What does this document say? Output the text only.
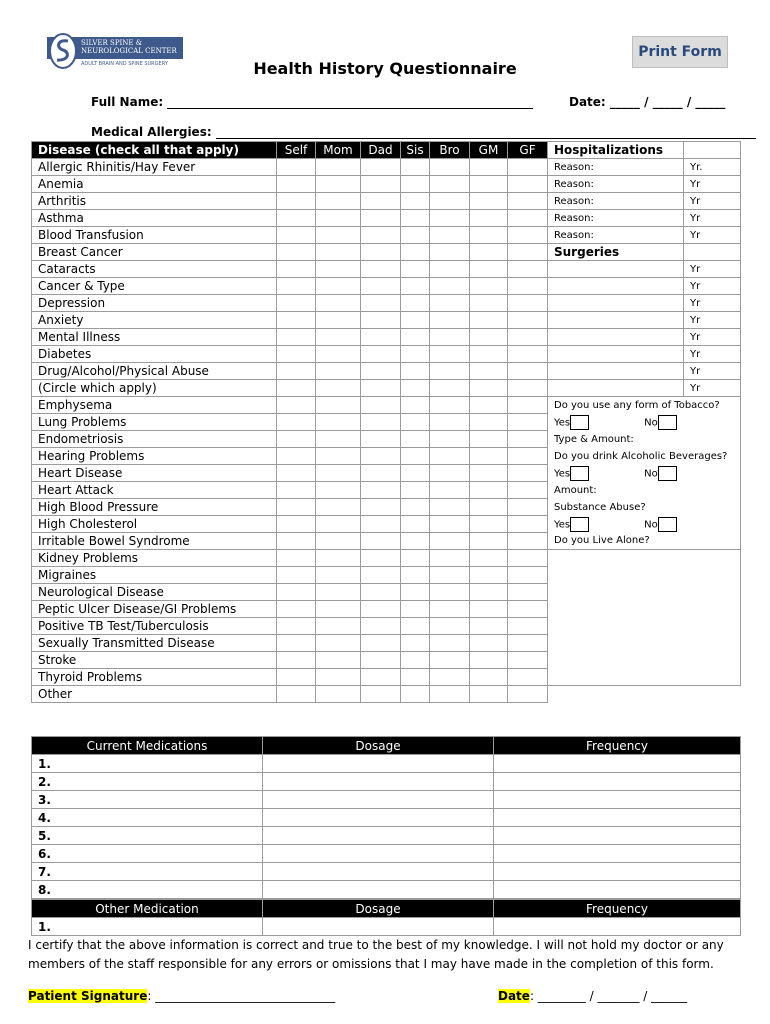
SILVER SPINE &
NEUROLOGICAL CENTER
ADULT BRAIN AND SPINE SURGERY
Print Form
Health History Questionnaire
Full Name:	Date: _____ / _____ / _____
Medical Allergies:
Disease (check all that apply)	Self	Mom	Dad	Sis	Bro	GM	GF
Allergic Rhinitis/Hay Fever							
Anemia							
Arthritis							
Asthma							
Blood Transfusion							
Breast Cancer							
Cataracts							
Cancer & Type							
Depression							
Anxiety							
Mental Illness							
Diabetes							
Drug/Alcohol/Physical Abuse							
(Circle which apply)							
Emphysema							
Lung Problems							
Endometriosis							
Hearing Problems							
Heart Disease							
Heart Attack							
High Blood Pressure							
High Cholesterol							
Irritable Bowel Syndrome							
Kidney Problems							
Migraines							
Neurological Disease							
Peptic Ulcer Disease/GI Problems							
Positive TB Test/Tuberculosis							
Sexually Transmitted Disease							
Stroke							
Thyroid Problems							
Other							
Hospitalizations	
Reason:	Yr.
Reason:	Yr
Reason:	Yr
Reason:	Yr
Reason:	Yr
Surgeries	
	Yr
	Yr
	Yr
	Yr
	Yr
	Yr
	Yr
	Yr
Do you use any form of Tobacco?	
Yes No	
Type & Amount:	
Do you drink Alcoholic Beverages?	
Yes No	
Amount:	
Substance Abuse?	
Yes No	
Do you Live Alone?	

Current Medications	Dosage	Frequency
1.		
2.		
3.		
4.		
5.		
6.		
7.		
8.		
Other Medication	Dosage	Frequency
1.		
I certify that the above information is correct and true to the best of my knowledge. I will not hold my doctor or any members of the staff responsible for any errors or omissions that I may have made in the completion of this form.
Patient Signature: ______________________________	Date: ________ / _______ / ______
